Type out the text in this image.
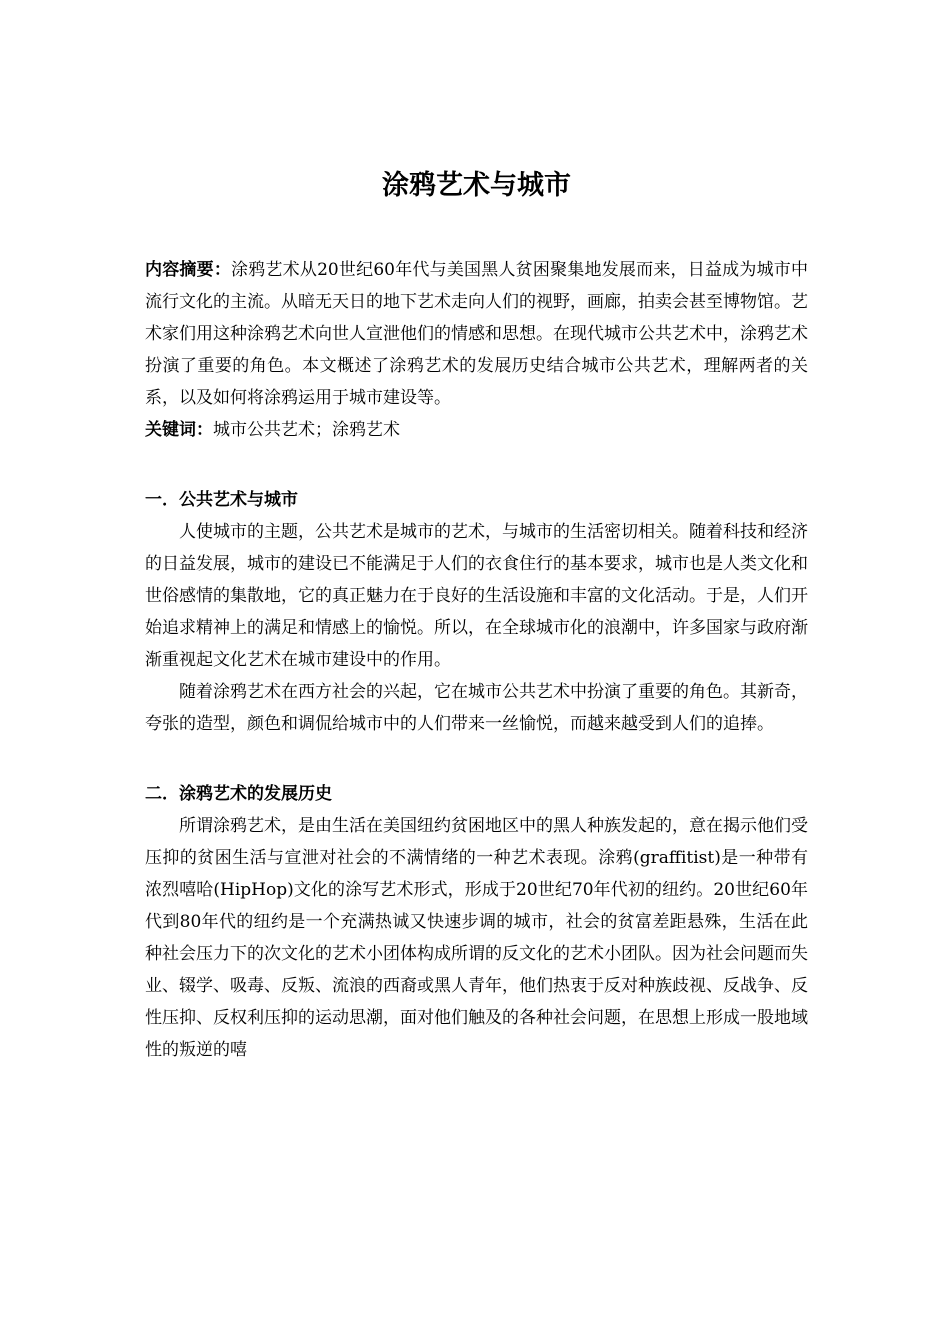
涂鸦艺术与城市
内容摘要：涂鸦艺术从20世纪60年代与美国黑人贫困聚集地发展而来，日益成为城市中流行文化的主流。从暗无天日的地下艺术走向人们的视野，画廊，拍卖会甚至博物馆。艺术家们用这种涂鸦艺术向世人宣泄他们的情感和思想。在现代城市公共艺术中，涂鸦艺术扮演了重要的角色。本文概述了涂鸦艺术的发展历史结合城市公共艺术，理解两者的关系，以及如何将涂鸦运用于城市建设等。

关键词：城市公共艺术；涂鸦艺术

一．公共艺术与城市

人使城市的主题，公共艺术是城市的艺术，与城市的生活密切相关。随着科技和经济的日益发展，城市的建设已不能满足于人们的衣食住行的基本要求，城市也是人类文化和世俗感情的集散地，它的真正魅力在于良好的生活设施和丰富的文化活动。于是，人们开始追求精神上的满足和情感上的愉悦。所以，在全球城市化的浪潮中，许多国家与政府渐渐重视起文化艺术在城市建设中的作用。

随着涂鸦艺术在西方社会的兴起，它在城市公共艺术中扮演了重要的角色。其新奇，夸张的造型，颜色和调侃给城市中的人们带来一丝愉悦，而越来越受到人们的追捧。

二．涂鸦艺术的发展历史

所谓涂鸦艺术，是由生活在美国纽约贫困地区中的黑人种族发起的，意在揭示他们受压抑的贫困生活与宣泄对社会的不满情绪的一种艺术表现。涂鸦(graffitist)是一种带有浓烈嘻哈(HipHop)文化的涂写艺术形式，形成于20世纪70年代初的纽约。20世纪60年代到80年代的纽约是一个充满热诚又快速步调的城市，社会的贫富差距悬殊，生活在此种社会压力下的次文化的艺术小团体构成所谓的反文化的艺术小团队。因为社会问题而失业、辍学、吸毒、反叛、流浪的西裔或黑人青年，他们热衷于反对种族歧视、反战争、反性压抑、反权利压抑的运动思潮，面对他们触及的各种社会问题，在思想上形成一股地域性的叛逆的嘻
